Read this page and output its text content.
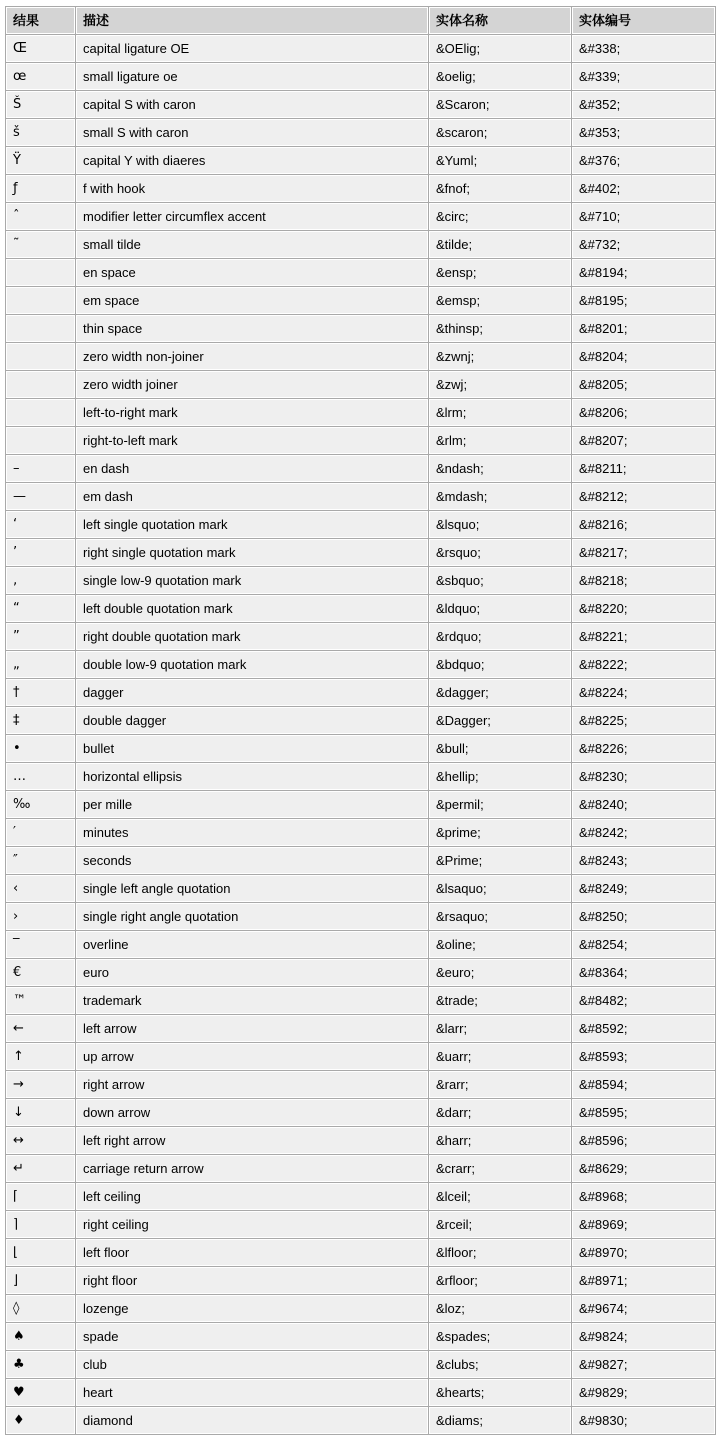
结果	描述	实体名称	实体编号
Œ	capital ligature OE	&OElig;	&#338;
œ	small ligature oe	&oelig;	&#339;
Š	capital S with caron	&Scaron;	&#352;
š	small S with caron	&scaron;	&#353;
Ÿ	capital Y with diaeres	&Yuml;	&#376;
ƒ	f with hook	&fnof;	&#402;
ˆ	modifier letter circumflex accent	&circ;	&#710;
˜	small tilde	&tilde;	&#732;
	en space	&ensp;	&#8194;
	em space	&emsp;	&#8195;
	thin space	&thinsp;	&#8201;
	zero width non-joiner	&zwnj;	&#8204;
	zero width joiner	&zwj;	&#8205;
	left-to-right mark	&lrm;	&#8206;
	right-to-left mark	&rlm;	&#8207;
–	en dash	&ndash;	&#8211;
—	em dash	&mdash;	&#8212;
‘	left single quotation mark	&lsquo;	&#8216;
’	right single quotation mark	&rsquo;	&#8217;
‚	single low-9 quotation mark	&sbquo;	&#8218;
“	left double quotation mark	&ldquo;	&#8220;
”	right double quotation mark	&rdquo;	&#8221;
„	double low-9 quotation mark	&bdquo;	&#8222;
†	dagger	&dagger;	&#8224;
‡	double dagger	&Dagger;	&#8225;
•	bullet	&bull;	&#8226;
…	horizontal ellipsis	&hellip;	&#8230;
‰	per mille	&permil;	&#8240;
′	minutes	&prime;	&#8242;
″	seconds	&Prime;	&#8243;
‹	single left angle quotation	&lsaquo;	&#8249;
›	single right angle quotation	&rsaquo;	&#8250;
‾	overline	&oline;	&#8254;
€	euro	&euro;	&#8364;
™	trademark	&trade;	&#8482;
←	left arrow	&larr;	&#8592;
↑	up arrow	&uarr;	&#8593;
→	right arrow	&rarr;	&#8594;
↓	down arrow	&darr;	&#8595;
↔	left right arrow	&harr;	&#8596;
↵	carriage return arrow	&crarr;	&#8629;
⌈	left ceiling	&lceil;	&#8968;
⌉	right ceiling	&rceil;	&#8969;
⌊	left floor	&lfloor;	&#8970;
⌋	right floor	&rfloor;	&#8971;
◊	lozenge	&loz;	&#9674;
♠	spade	&spades;	&#9824;
♣	club	&clubs;	&#9827;
♥	heart	&hearts;	&#9829;
♦	diamond	&diams;	&#9830;
